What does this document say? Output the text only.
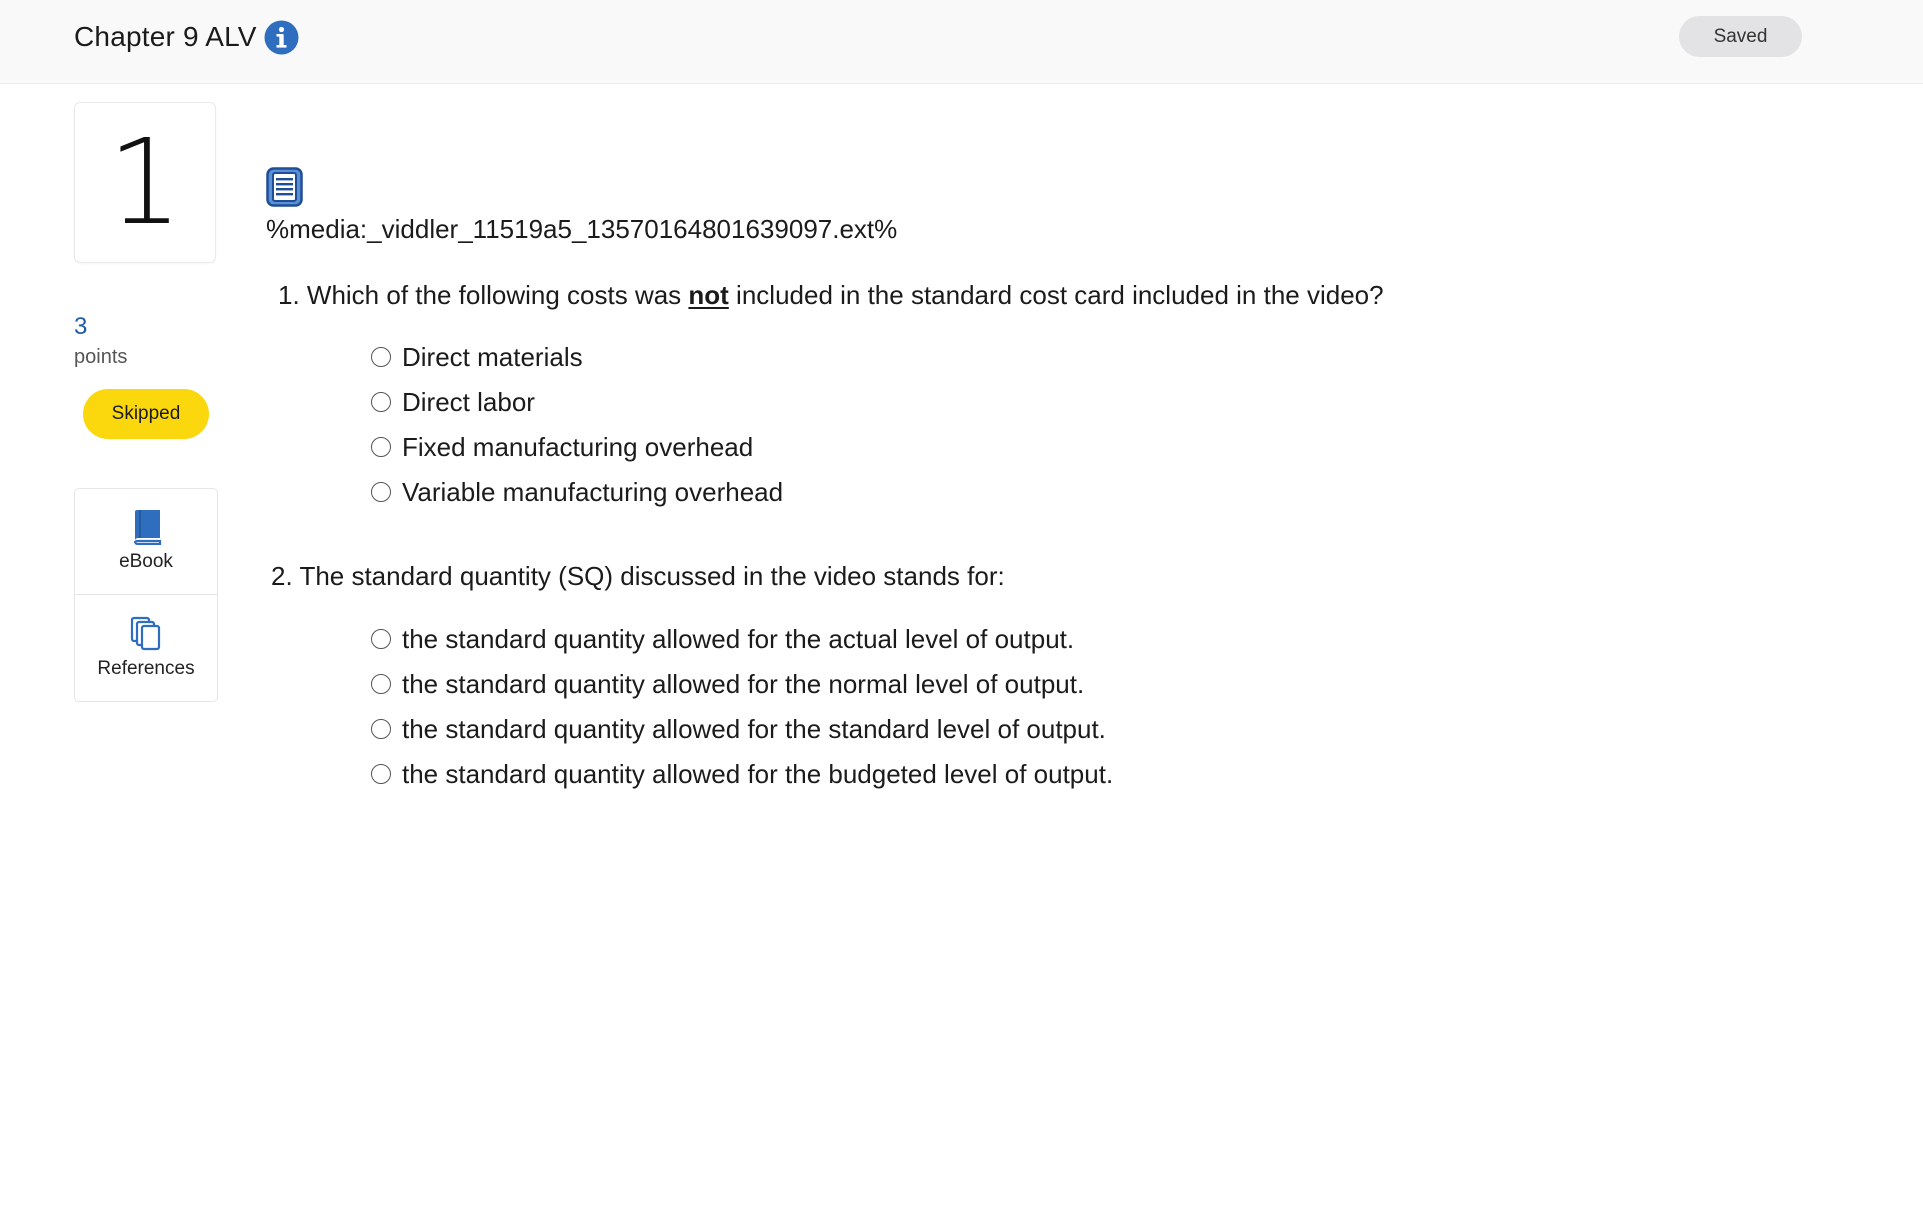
Chapter 9 ALV	Saved
1
3
points
Skipped
eBook
References
%media:_viddler_11519a5_13570164801639097.ext%
1. Which of the following costs was not included in the standard cost card included in the video?
Direct materials
Direct labor
Fixed manufacturing overhead
Variable manufacturing overhead
2. The standard quantity (SQ) discussed in the video stands for:
the standard quantity allowed for the actual level of output.
the standard quantity allowed for the normal level of output.
the standard quantity allowed for the standard level of output.
the standard quantity allowed for the budgeted level of output.
